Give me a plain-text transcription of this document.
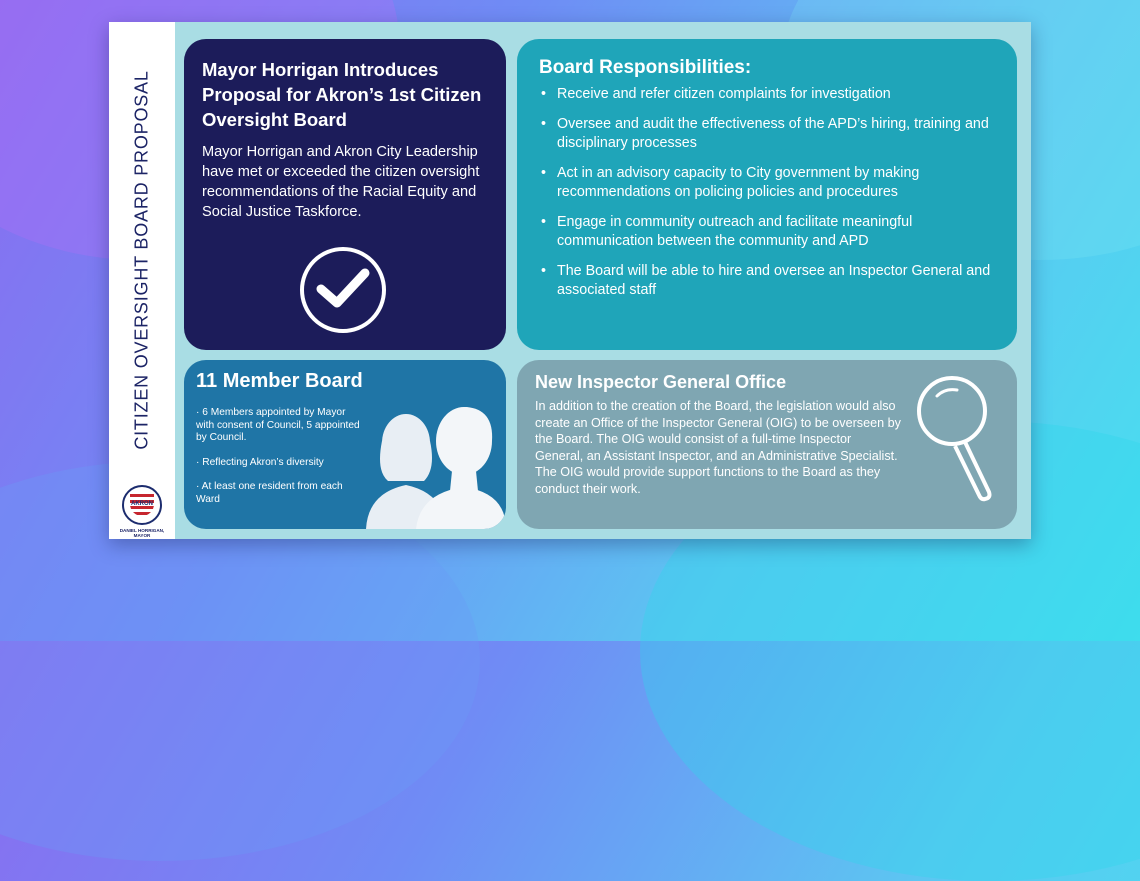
CITIZEN OVERSIGHT BOARD PROPOSAL
AKRON
DANIEL HORRIGAN, MAYOR
Mayor Horrigan Introduces Proposal for Akron’s 1st Citizen Oversight Board

Mayor Horrigan and Akron City Leadership have met or exceeded the citizen oversight recommendations of the Racial Equity and Social Justice Taskforce.

Board Responsibilities:
• Receive and refer citizen complaints for investigation
• Oversee and audit the effectiveness of the APD’s hiring, training and disciplinary processes
• Act in an advisory capacity to City government by making recommendations on policing policies and procedures
• Engage in community outreach and facilitate meaningful communication between the community and APD
• The Board will be able to hire and oversee an Inspector General and associated staff
11 Member Board
· 6 Members appointed by Mayor with consent of Council, 5 appointed by Council.
· Reflecting Akron’s diversity
· At least one resident from each Ward
New Inspector General Office

In addition to the creation of the Board, the legislation would also create an Office of the Inspector General (OIG) to be overseen by the Board. The OIG would consist of a full-time Inspector General, an Assistant Inspector, and an Administrative Specialist. The OIG would provide support functions to the Board as they conduct their work.
